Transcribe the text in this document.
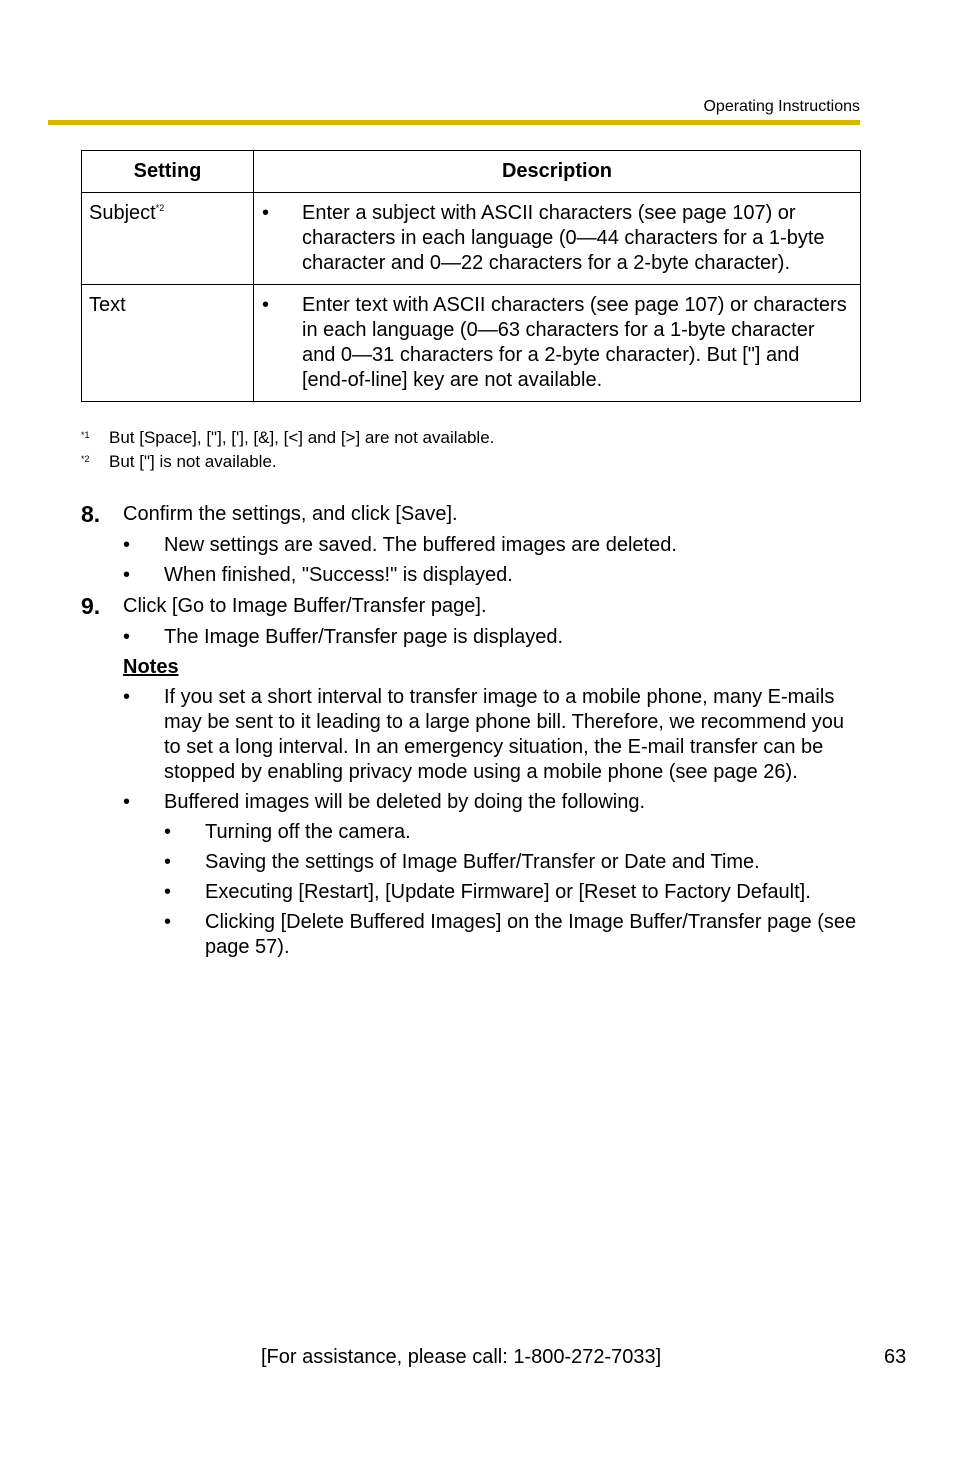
Operating Instructions
Setting	Description
Subject$^{*2}$	• Enter a subject with ASCII characters (see page 107) or characters in each language (0—44 characters for a 1-byte character and 0—22 characters for a 2-byte character).

Text	• Enter text with ASCII characters (see page 107) or characters in each language (0—63 characters for a 1-byte character and 0—31 characters for a 2-byte character). But ["] and [end-of-line] key are not available.
*1	But [Space], ["], ['], [&], [<] and [>] are not available.
*2	But ["] is not available.
8.	Confirm the settings, and click [Save].
•	New settings are saved. The buffered images are deleted.
•	When finished, "Success!" is displayed.
9.	Click [Go to Image Buffer/Transfer page].
•	The Image Buffer/Transfer page is displayed.
Notes
•	If you set a short interval to transfer image to a mobile phone, many E-mails may be sent to it leading to a large phone bill. Therefore, we recommend you to set a long interval. In an emergency situation, the E-mail transfer can be stopped by enabling privacy mode using a mobile phone (see page 26).
•	Buffered images will be deleted by doing the following.
•	Turning off the camera.
•	Saving the settings of Image Buffer/Transfer or Date and Time.
•	Executing [Restart], [Update Firmware] or [Reset to Factory Default].
•	Clicking [Delete Buffered Images] on the Image Buffer/Transfer page (see page 57).
[For assistance, please call: 1-800-272-7033]	63
